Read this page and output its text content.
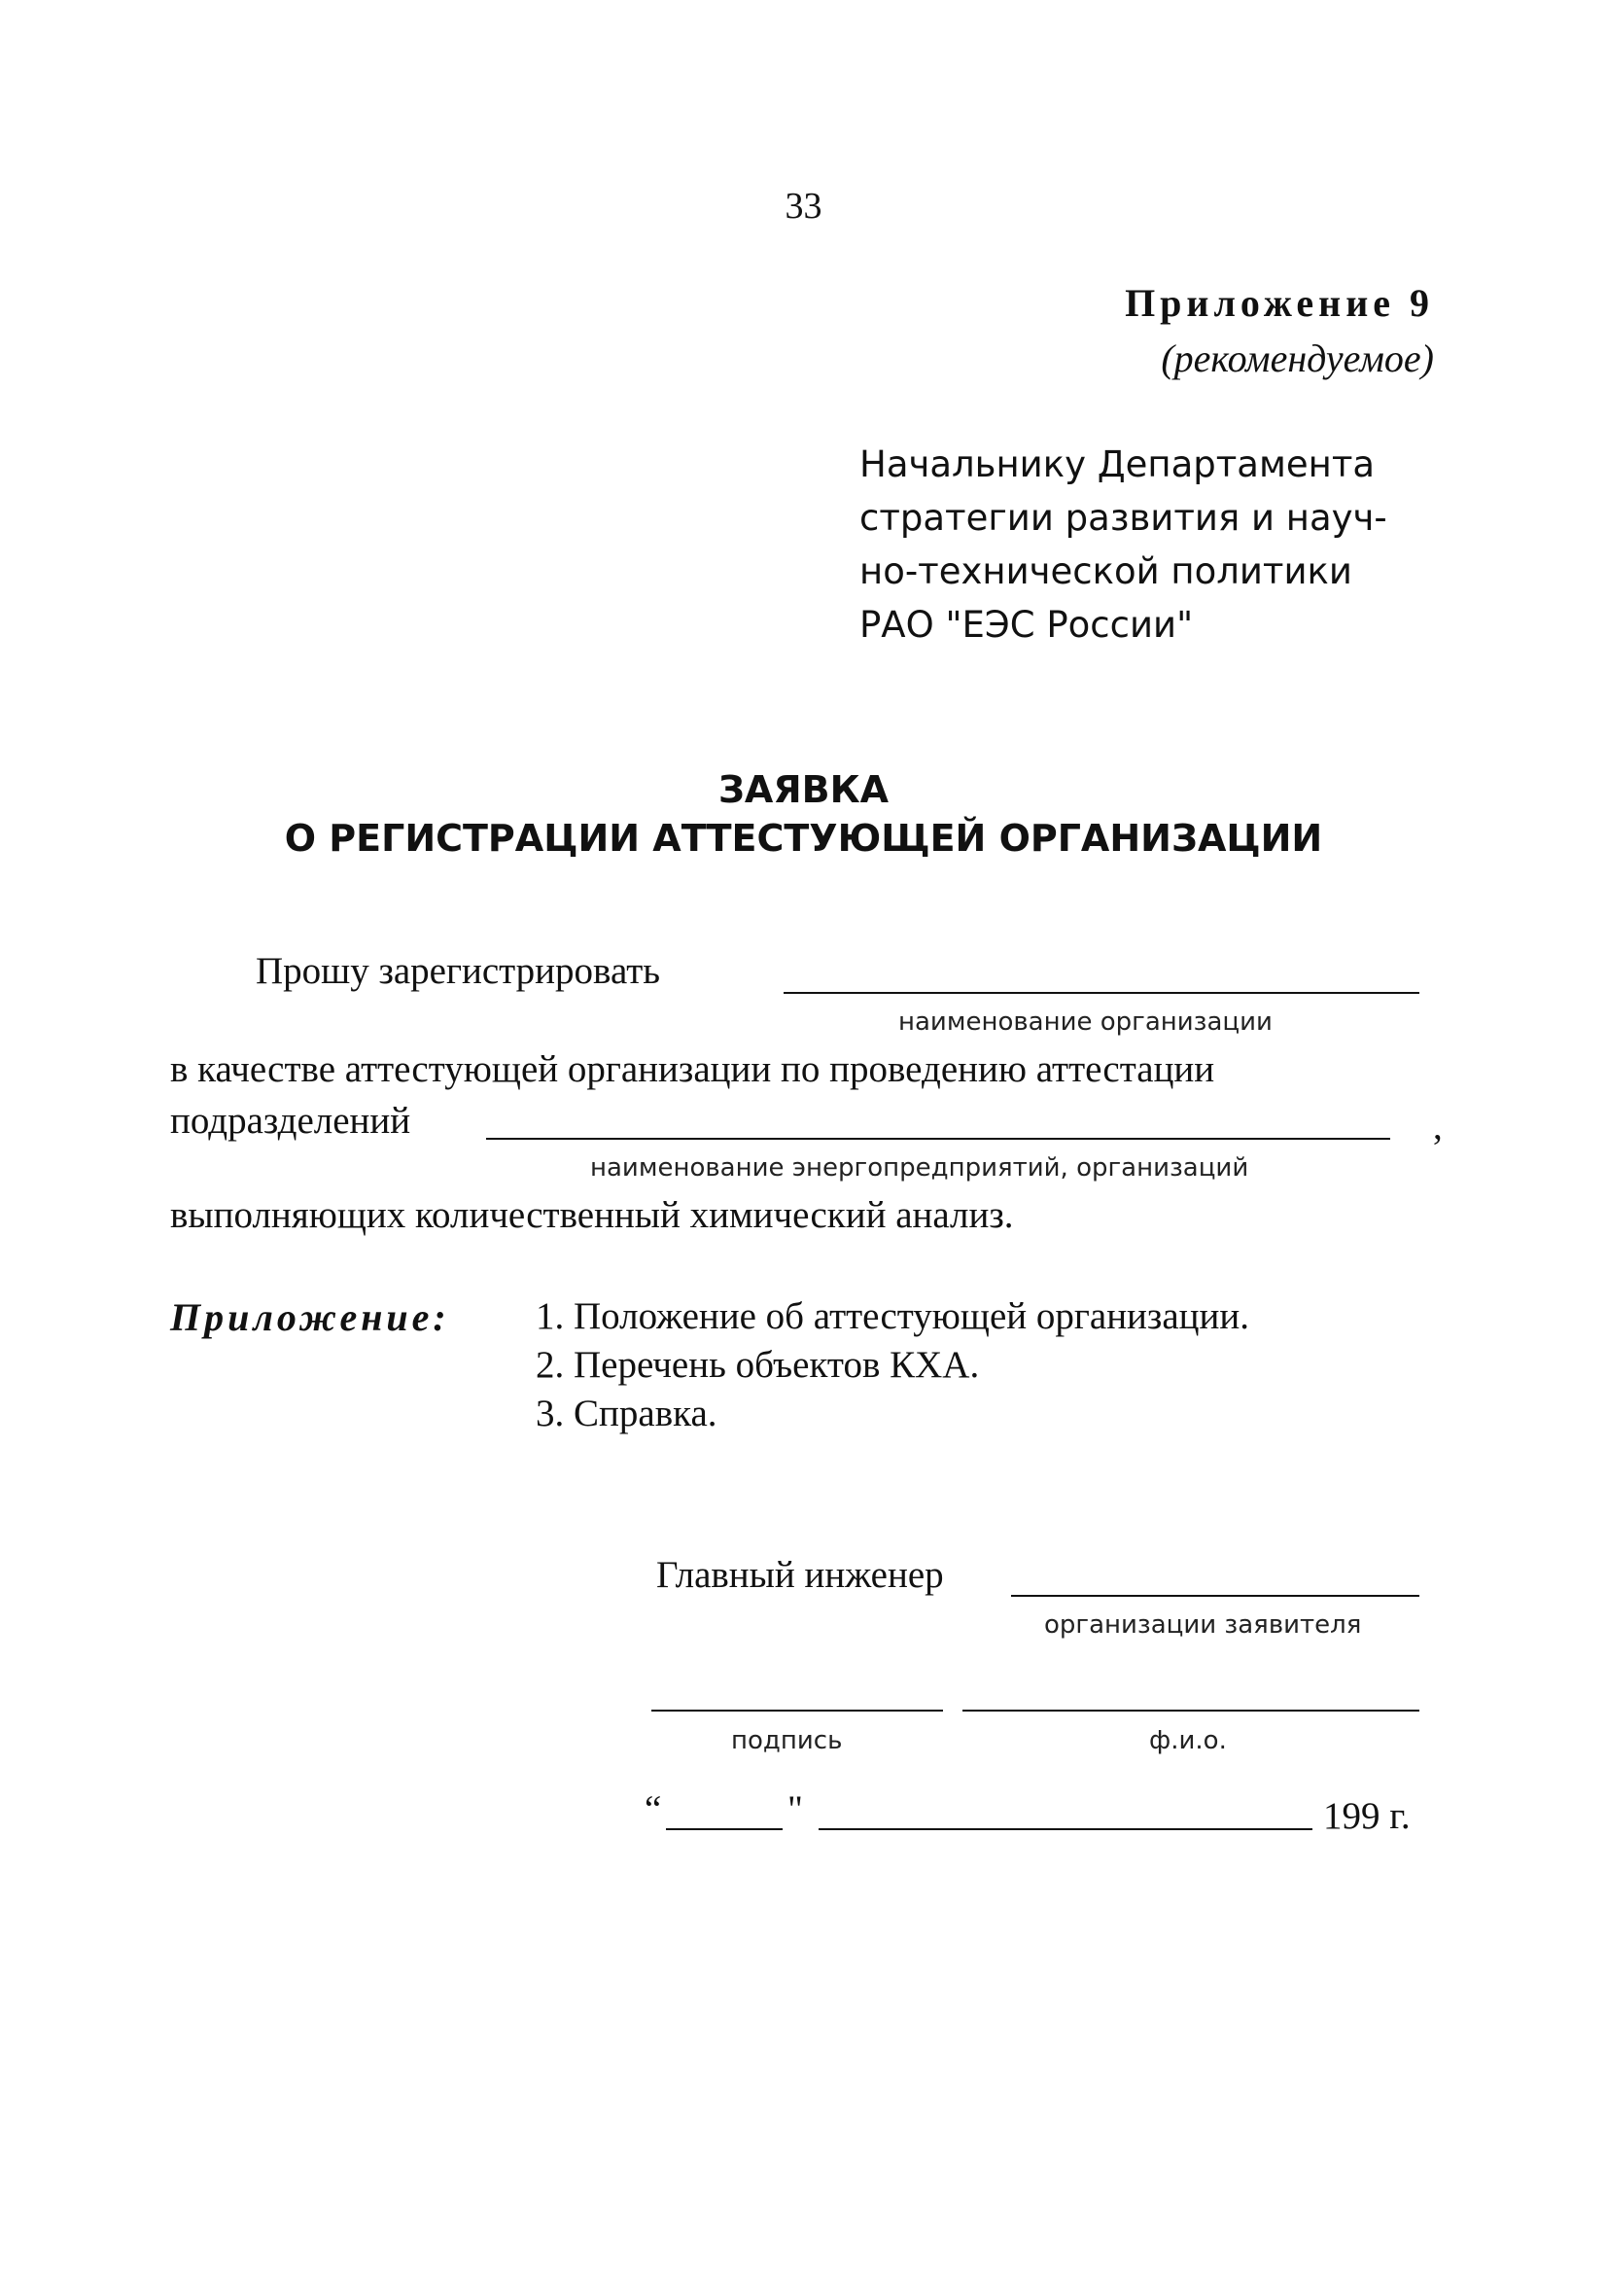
33
Приложение 9
(рекомендуемое)
Начальнику Департамента
стратегии развития и науч-
но-технической политики
РАО "ЕЭС России"
ЗАЯВКА
О РЕГИСТРАЦИИ АТТЕСТУЮЩЕЙ ОРГАНИЗАЦИИ
Прошу зарегистрировать
наименование организации
в качестве аттестующей организации по проведению аттестации
подразделений	,
наименование энергопредприятий, организаций
выполняющих количественный химический анализ.
Приложение: 1. Положение об аттестующей организации.
2. Перечень объектов КХА.
3. Справка.
Главный инженер
организации заявителя
подпись	ф.и.о.
“	"	199 г.
